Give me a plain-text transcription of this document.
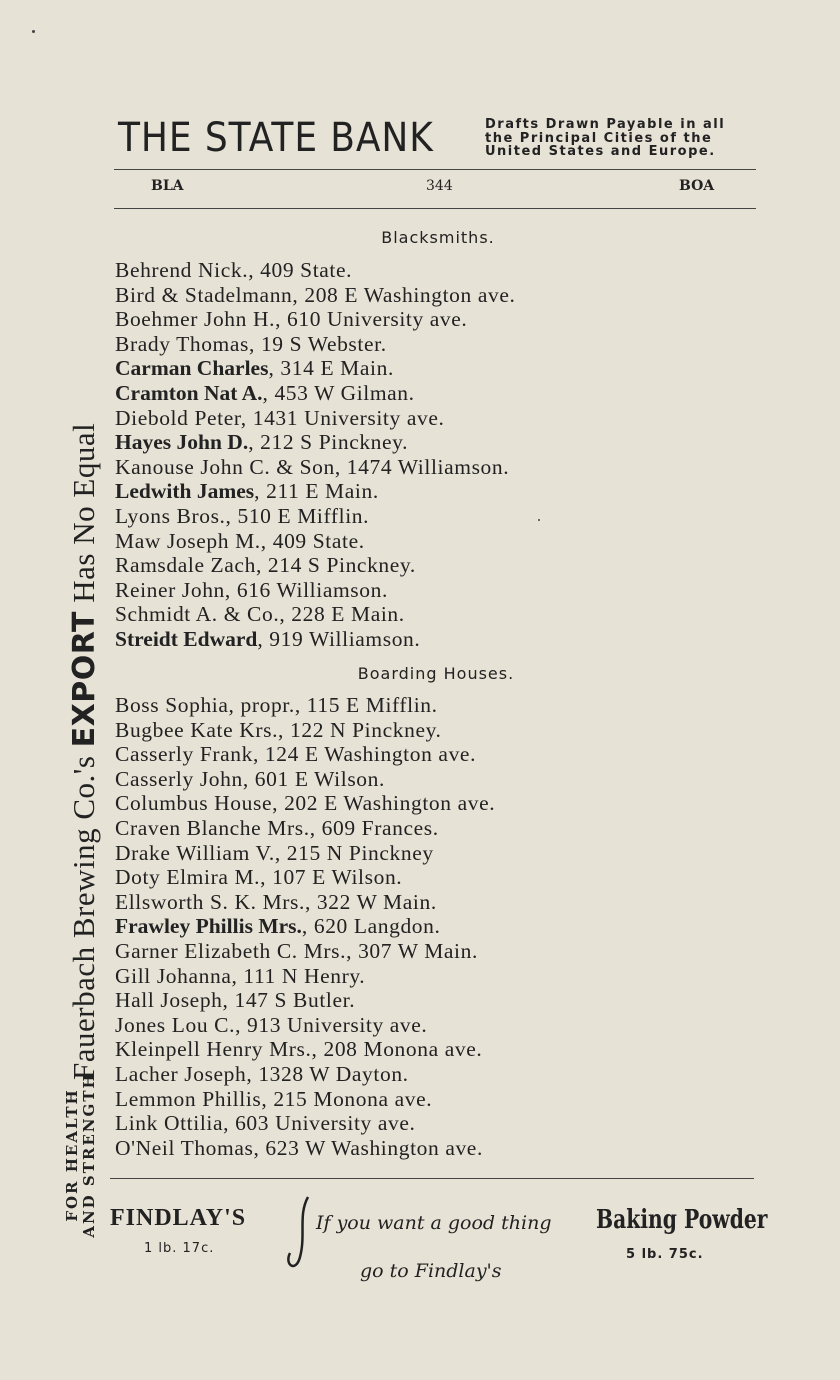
FOR HEALTH AND STRENGTH
Fauerbach Brewing Co.'s EXPORT Has No Equal
THE STATE BANK	Drafts Drawn Payable in all
the Principal Cities of the
United States and Europe.
BLA	344	BOA
Blacksmiths.
Behrend Nick., 409 State.
Bird & Stadelmann, 208 E Washington ave.
Boehmer John H., 610 University ave.
Brady Thomas, 19 S Webster.
Carman Charles, 314 E Main.
Cramton Nat A., 453 W Gilman.
Diebold Peter, 1431 University ave.
Hayes John D., 212 S Pinckney.
Kanouse John C. & Son, 1474 Williamson.
Ledwith James, 211 E Main.
Lyons Bros., 510 E Mifflin.
Maw Joseph M., 409 State.
Ramsdale Zach, 214 S Pinckney.
Reiner John, 616 Williamson.
Schmidt A. & Co., 228 E Main.
Streidt Edward, 919 Williamson.
Boarding Houses.
Boss Sophia, propr., 115 E Mifflin.
Bugbee Kate Krs., 122 N Pinckney.
Casserly Frank, 124 E Washington ave.
Casserly John, 601 E Wilson.
Columbus House, 202 E Washington ave.
Craven Blanche Mrs., 609 Frances.
Drake William V., 215 N Pinckney
Doty Elmira M., 107 E Wilson.
Ellsworth S. K. Mrs., 322 W Main.
Frawley Phillis Mrs., 620 Langdon.
Garner Elizabeth C. Mrs., 307 W Main.
Gill Johanna, 111 N Henry.
Hall Joseph, 147 S Butler.
Jones Lou C., 913 University ave.
Kleinpell Henry Mrs., 208 Monona ave.
Lacher Joseph, 1328 W Dayton.
Lemmon Phillis, 215 Monona ave.
Link Ottilia, 603 University ave.
O'Neil Thomas, 623 W Washington ave.
FINDLAY'S
1 lb. 17c.
If you want a good thing
go to Findlay's
Baking Powder
5 lb. 75c.
